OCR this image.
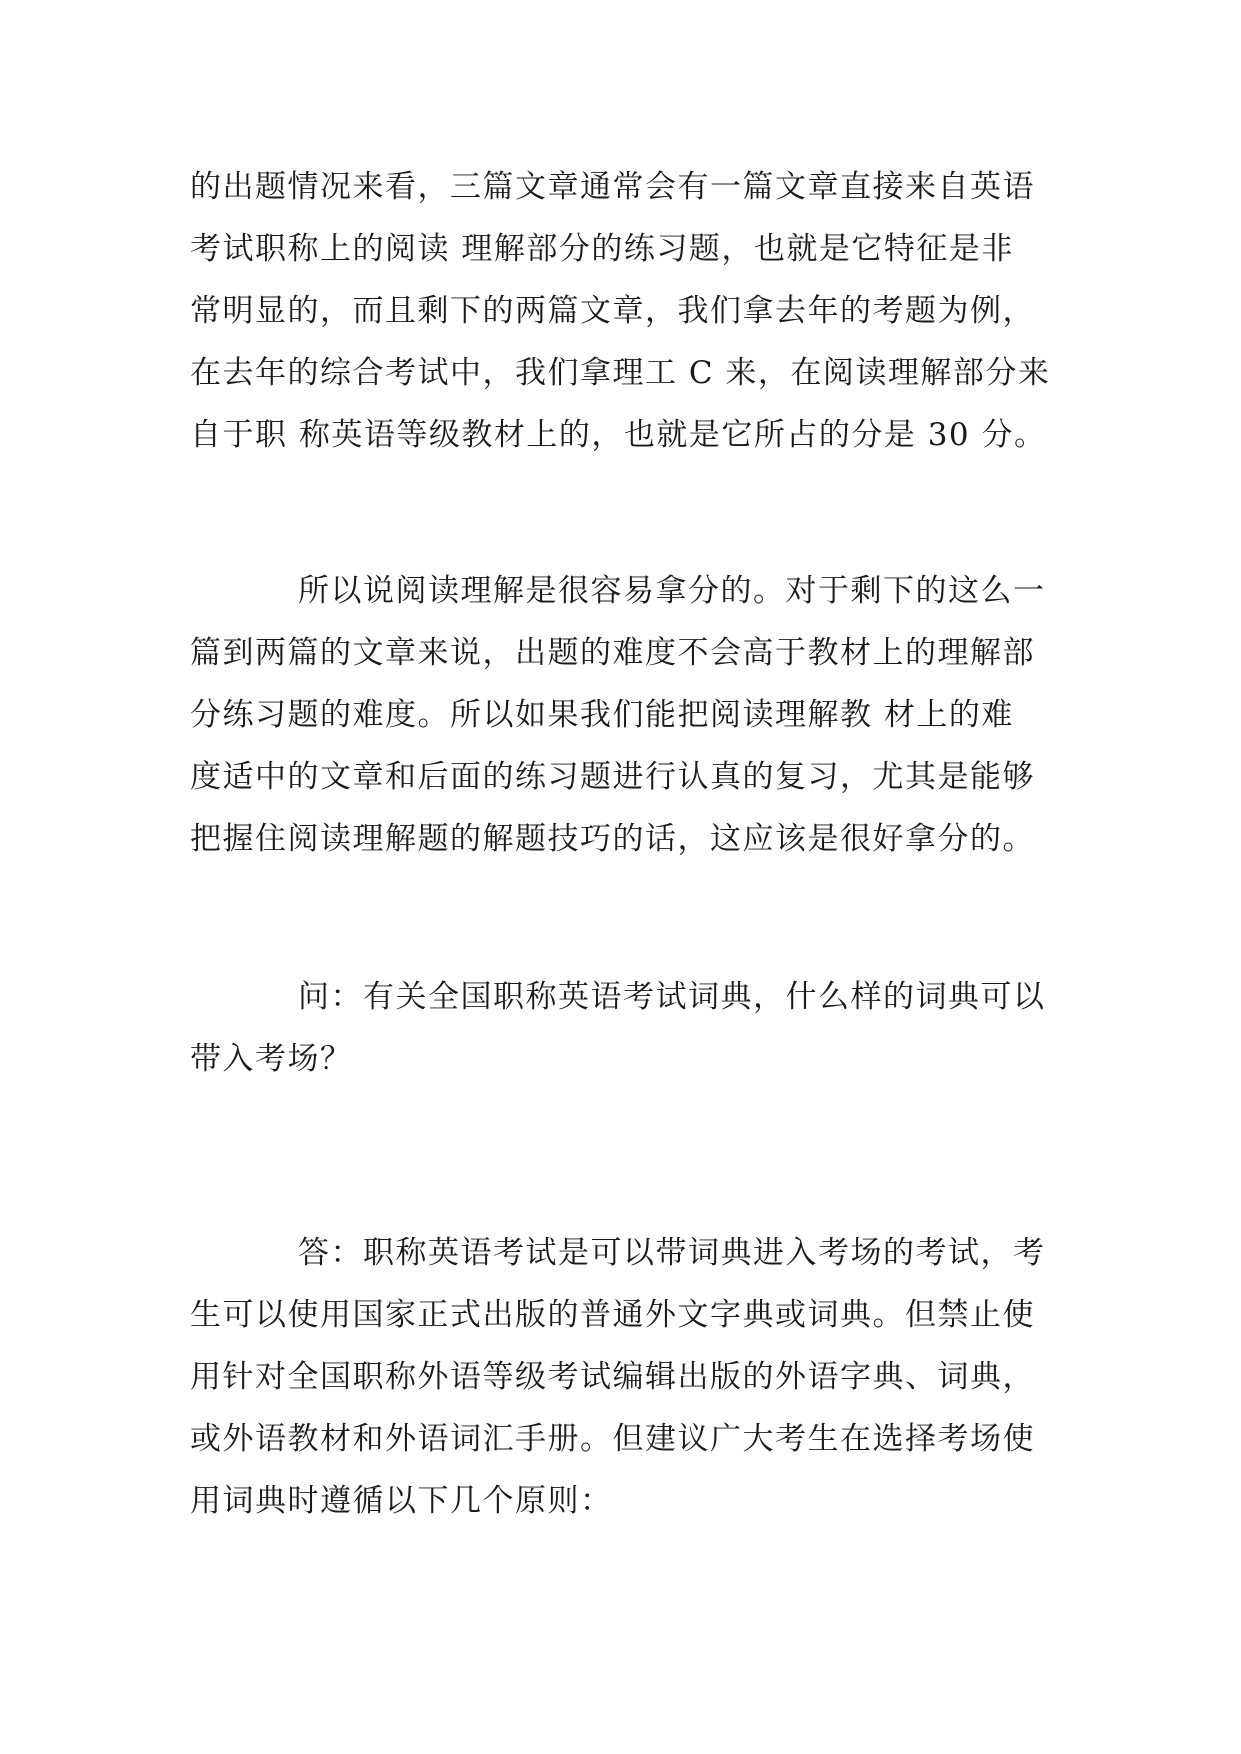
的出题情况来看，三篇文章通常会有一篇文章直接来自英语
考试职称上的阅读 理解部分的练习题，也就是它特征是非
常明显的，而且剩下的两篇文章，我们拿去年的考题为例，
在去年的综合考试中，我们拿理工 C 来，在阅读理解部分来
自于职 称英语等级教材上的，也就是它所占的分是 30 分。
所以说阅读理解是很容易拿分的。对于剩下的这么一
篇到两篇的文章来说，出题的难度不会高于教材上的理解部
分练习题的难度。所以如果我们能把阅读理解教 材上的难
度适中的文章和后面的练习题进行认真的复习，尤其是能够
把握住阅读理解题的解题技巧的话，这应该是很好拿分的。
问：有关全国职称英语考试词典，什么样的词典可以
带入考场？
答：职称英语考试是可以带词典进入考场的考试，考
生可以使用国家正式出版的普通外文字典或词典。但禁止使
用针对全国职称外语等级考试编辑出版的外语字典、词典，
或外语教材和外语词汇手册。但建议广大考生在选择考场使
用词典时遵循以下几个原则：
